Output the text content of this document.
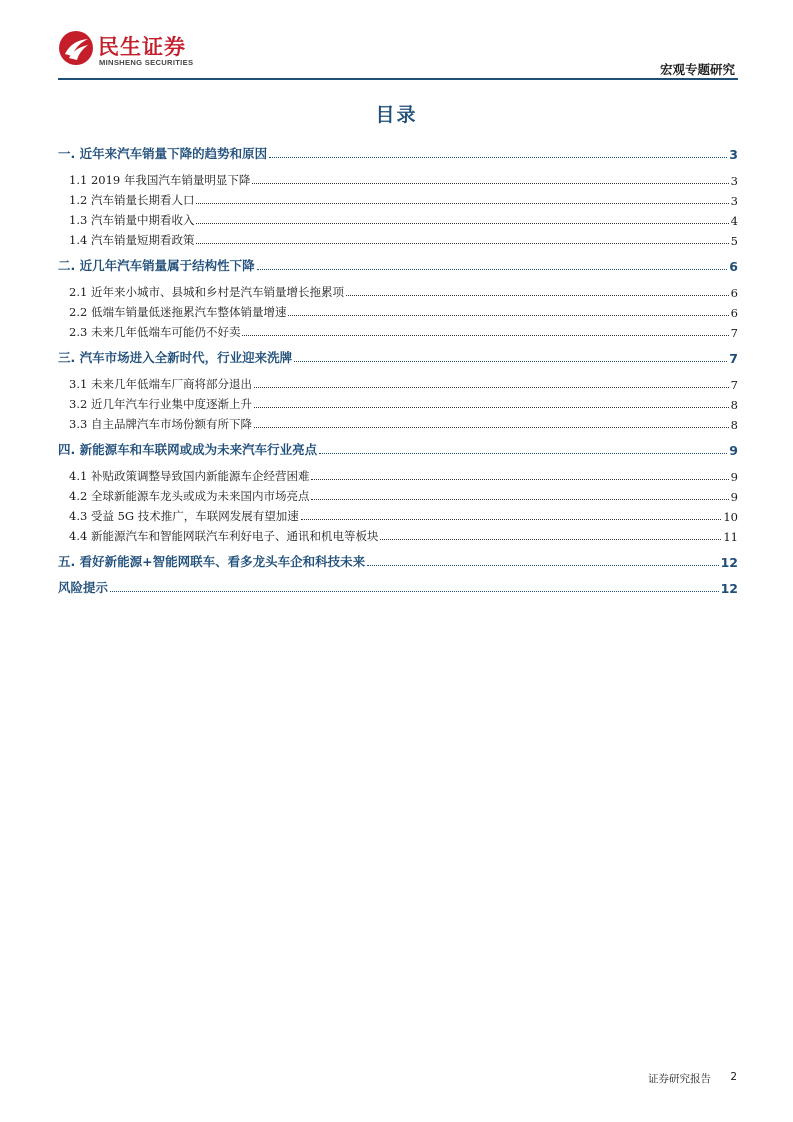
民生证券
MINSHENG SECURITIES	宏观专题研究
目录
一. 近年来汽车销量下降的趋势和原因	3
1.1 2019 年我国汽车销量明显下降	3
1.2 汽车销量长期看人口	3
1.3 汽车销量中期看收入	4
1.4 汽车销量短期看政策	5
二. 近几年汽车销量属于结构性下降	6
2.1 近年来小城市、县城和乡村是汽车销量增长拖累项	6
2.2 低端车销量低迷拖累汽车整体销量增速	6
2.3 未来几年低端车可能仍不好卖	7
三. 汽车市场进入全新时代，行业迎来洗牌	7
3.1 未来几年低端车厂商将部分退出	7
3.2 近几年汽车行业集中度逐渐上升	8
3.3 自主品牌汽车市场份额有所下降	8
四. 新能源车和车联网或成为未来汽车行业亮点	9
4.1 补贴政策调整导致国内新能源车企经营困难	9
4.2 全球新能源车龙头或成为未来国内市场亮点	9
4.3 受益 5G 技术推广，车联网发展有望加速	10
4.4 新能源汽车和智能网联汽车利好电子、通讯和机电等板块	11
五. 看好新能源+智能网联车、看多龙头车企和科技未来	12
风险提示	12
证券研究报告 2
